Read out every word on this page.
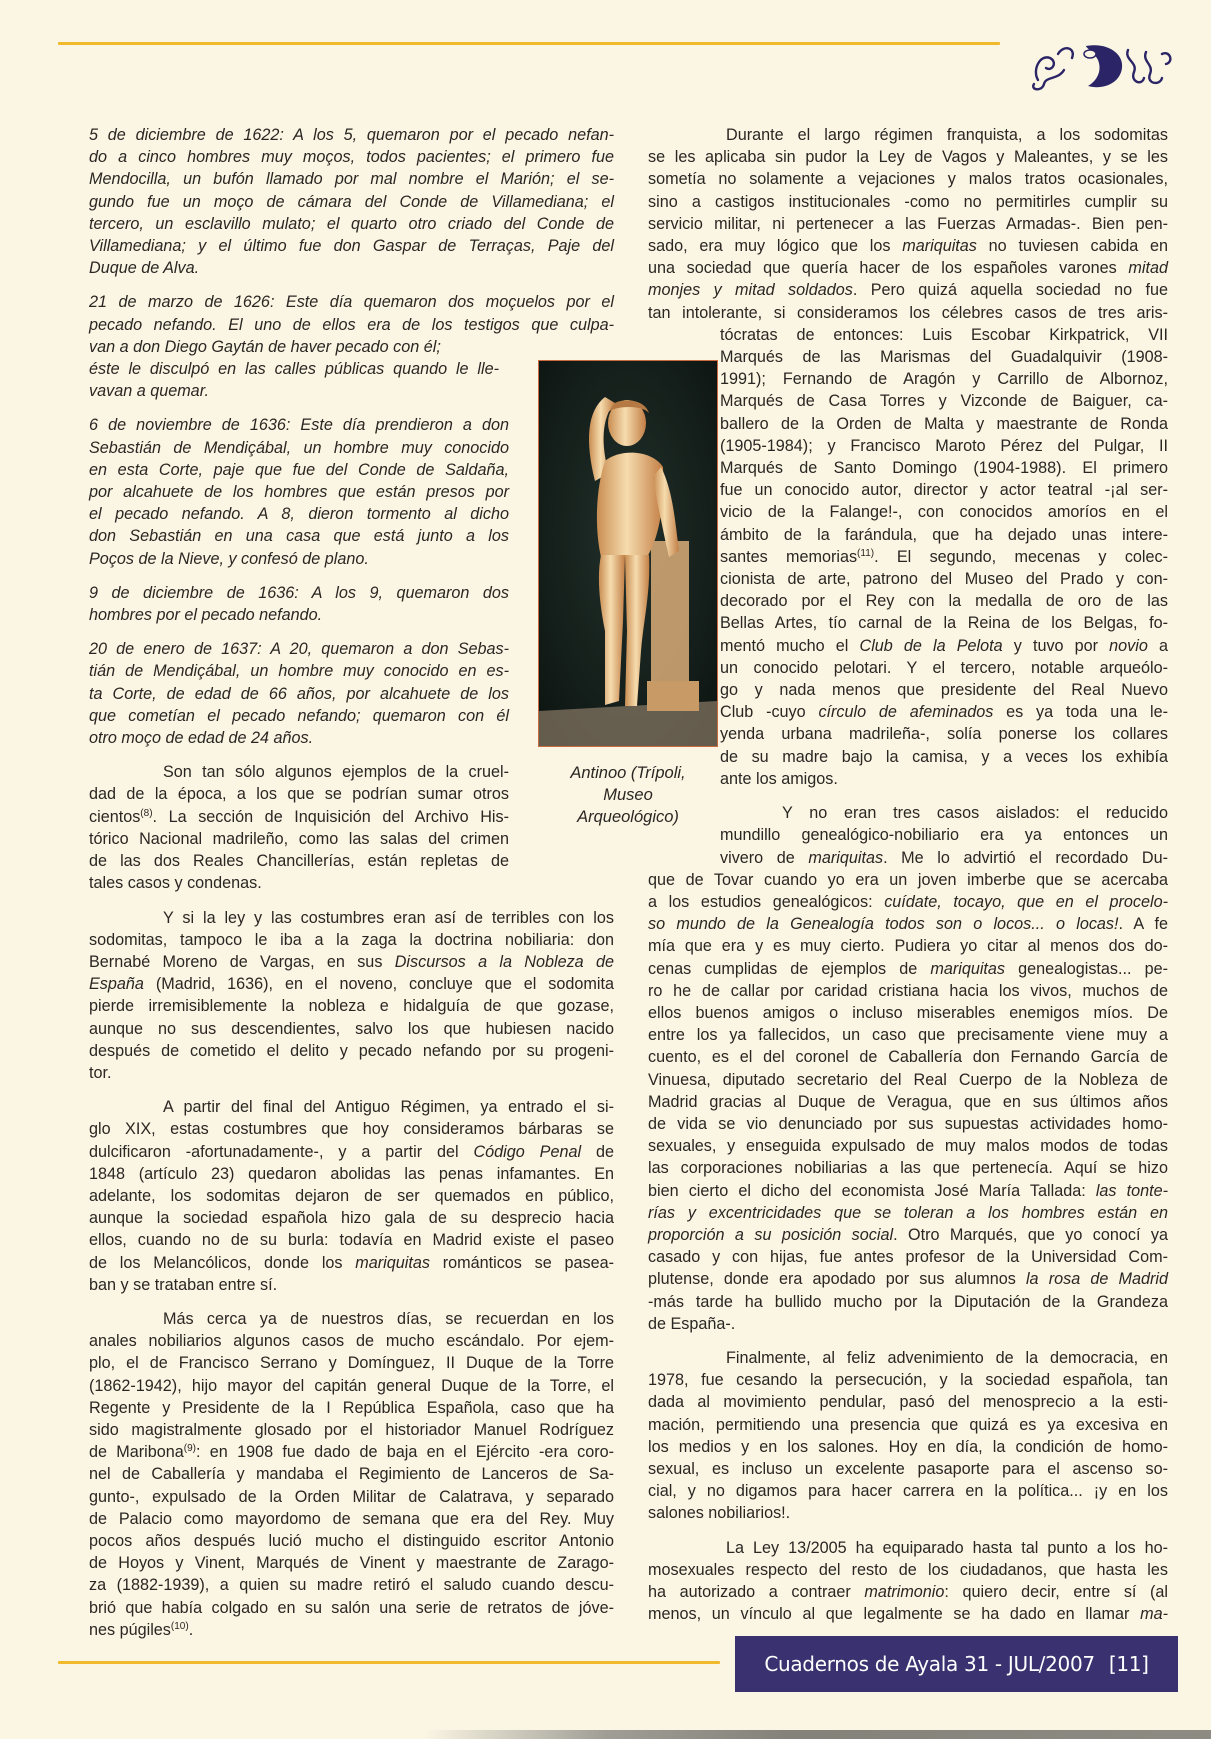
5 de diciembre de 1622: A los 5, quemaron por el pecado nefan-
do a cinco hombres muy moços, todos pacientes; el primero fue
Mendocilla, un bufón llamado por mal nombre el Marión; el se-
gundo fue un moço de cámara del Conde de Villamediana; el
tercero, un esclavillo mulato; el quarto otro criado del Conde de
Villamediana; y el último fue don Gaspar de Terraças, Paje del
Duque de Alva.
21 de marzo de 1626: Este día quemaron dos moçuelos por el
pecado nefando. El uno de ellos era de los testigos que culpa-
van a don Diego Gaytán de haver pecado con él;
éste le disculpó en las calles públicas quando le lle-
vavan a quemar.
6 de noviembre de 1636: Este día prendieron a don
Sebastián de Mendiçábal, un hombre muy conocido
en esta Corte, paje que fue del Conde de Saldaña,
por alcahuete de los hombres que están presos por
el pecado nefando. A 8, dieron tormento al dicho
don Sebastián en una casa que está junto a los
Poços de la Nieve, y confesó de plano.
9 de diciembre de 1636: A los 9, quemaron dos
hombres por el pecado nefando.
20 de enero de 1637: A 20, quemaron a don Sebas-
tián de Mendiçábal, un hombre muy conocido en es-
ta Corte, de edad de 66 años, por alcahuete de los
que cometían el pecado nefando; quemaron con él
otro moço de edad de 24 años.
Son tan sólo algunos ejemplos de la cruel-
dad de la época, a los que se podrían sumar otros
cientos$^{(8)}$. La sección de Inquisición del Archivo His-
tórico Nacional madrileño, como las salas del crimen
de las dos Reales Chancillerías, están repletas de
tales casos y condenas.
Y si la ley y las costumbres eran así de terribles con los
sodomitas, tampoco le iba a la zaga la doctrina nobiliaria: don
Bernabé Moreno de Vargas, en sus Discursos a la Nobleza de
España (Madrid, 1636), en el noveno, concluye que el sodomita
pierde irremisiblemente la nobleza e hidalguía de que gozase,
aunque no sus descendientes, salvo los que hubiesen nacido
después de cometido el delito y pecado nefando por su progeni-
tor.
A partir del final del Antiguo Régimen, ya entrado el si-
glo XIX, estas costumbres que hoy consideramos bárbaras se
dulcificaron -afortunadamente-, y a partir del Código Penal de
1848 (artículo 23) quedaron abolidas las penas infamantes. En
adelante, los sodomitas dejaron de ser quemados en público,
aunque la sociedad española hizo gala de su desprecio hacia
ellos, cuando no de su burla: todavía en Madrid existe el paseo
de los Melancólicos, donde los mariquitas románticos se pasea-
ban y se trataban entre sí.
Más cerca ya de nuestros días, se recuerdan en los
anales nobiliarios algunos casos de mucho escándalo. Por ejem-
plo, el de Francisco Serrano y Domínguez, II Duque de la Torre
(1862-1942), hijo mayor del capitán general Duque de la Torre, el
Regente y Presidente de la I República Española, caso que ha
sido magistralmente glosado por el historiador Manuel Rodríguez
de Maribona$^{(9)}$: en 1908 fue dado de baja en el Ejército -era coro-
nel de Caballería y mandaba el Regimiento de Lanceros de Sa-
gunto-, expulsado de la Orden Militar de Calatrava, y separado
de Palacio como mayordomo de semana que era del Rey. Muy
pocos años después lució mucho el distinguido escritor Antonio
de Hoyos y Vinent, Marqués de Vinent y maestrante de Zarago-
za (1882-1939), a quien su madre retiró el saludo cuando descu-
brió que había colgado en su salón una serie de retratos de jóve-
nes púgiles$^{(10)}$.
Antinoo (Trípoli,
Museo
Arqueológico)
Durante el largo régimen franquista, a los sodomitas
se les aplicaba sin pudor la Ley de Vagos y Maleantes, y se les
sometía no solamente a vejaciones y malos tratos ocasionales,
sino a castigos institucionales -como no permitirles cumplir su
servicio militar, ni pertenecer a las Fuerzas Armadas-. Bien pen-
sado, era muy lógico que los mariquitas no tuviesen cabida en
una sociedad que quería hacer de los españoles varones mitad
monjes y mitad soldados. Pero quizá aquella sociedad no fue
tan intolerante, si consideramos los célebres casos de tres aris-
tócratas de entonces: Luis Escobar Kirkpatrick, VII
Marqués de las Marismas del Guadalquivir (1908-
1991); Fernando de Aragón y Carrillo de Albornoz,
Marqués de Casa Torres y Vizconde de Baiguer, ca-
ballero de la Orden de Malta y maestrante de Ronda
(1905-1984); y Francisco Maroto Pérez del Pulgar, II
Marqués de Santo Domingo (1904-1988). El primero
fue un conocido autor, director y actor teatral -¡al ser-
vicio de la Falange!-, con conocidos amoríos en el
ámbito de la farándula, que ha dejado unas intere-
santes memorias$^{(11)}$. El segundo, mecenas y colec-
cionista de arte, patrono del Museo del Prado y con-
decorado por el Rey con la medalla de oro de las
Bellas Artes, tío carnal de la Reina de los Belgas, fo-
mentó mucho el Club de la Pelota y tuvo por novio a
un conocido pelotari. Y el tercero, notable arqueólo-
go y nada menos que presidente del Real Nuevo
Club -cuyo círculo de afeminados es ya toda una le-
yenda urbana madrileña-, solía ponerse los collares
de su madre bajo la camisa, y a veces los exhibía
ante los amigos.
Y no eran tres casos aislados: el reducido
mundillo genealógico-nobiliario era ya entonces un
vivero de mariquitas. Me lo advirtió el recordado Du-
que de Tovar cuando yo era un joven imberbe que se acercaba
a los estudios genealógicos: cuídate, tocayo, que en el procelo-
so mundo de la Genealogía todos son o locos... o locas!. A fe
mía que era y es muy cierto. Pudiera yo citar al menos dos do-
cenas cumplidas de ejemplos de mariquitas genealogistas... pe-
ro he de callar por caridad cristiana hacia los vivos, muchos de
ellos buenos amigos o incluso miserables enemigos míos. De
entre los ya fallecidos, un caso que precisamente viene muy a
cuento, es el del coronel de Caballería don Fernando García de
Vinuesa, diputado secretario del Real Cuerpo de la Nobleza de
Madrid gracias al Duque de Veragua, que en sus últimos años
de vida se vio denunciado por sus supuestas actividades homo-
sexuales, y enseguida expulsado de muy malos modos de todas
las corporaciones nobiliarias a las que pertenecía. Aquí se hizo
bien cierto el dicho del economista José María Tallada: las tonte-
rías y excentricidades que se toleran a los hombres están en
proporción a su posición social. Otro Marqués, que yo conocí ya
casado y con hijas, fue antes profesor de la Universidad Com-
plutense, donde era apodado por sus alumnos la rosa de Madrid
-más tarde ha bullido mucho por la Diputación de la Grandeza
de España-.
Finalmente, al feliz advenimiento de la democracia, en
1978, fue cesando la persecución, y la sociedad española, tan
dada al movimiento pendular, pasó del menosprecio a la esti-
mación, permitiendo una presencia que quizá es ya excesiva en
los medios y en los salones. Hoy en día, la condición de homo-
sexual, es incluso un excelente pasaporte para el ascenso so-
cial, y no digamos para hacer carrera en la política... ¡y en los
salones nobiliarios!.
La Ley 13/2005 ha equiparado hasta tal punto a los ho-
mosexuales respecto del resto de los ciudadanos, que hasta les
ha autorizado a contraer matrimonio: quiero decir, entre sí (al
menos, un vínculo al que legalmente se ha dado en llamar ma-
Cuadernos de Ayala 31 - JUL/2007 [11]
